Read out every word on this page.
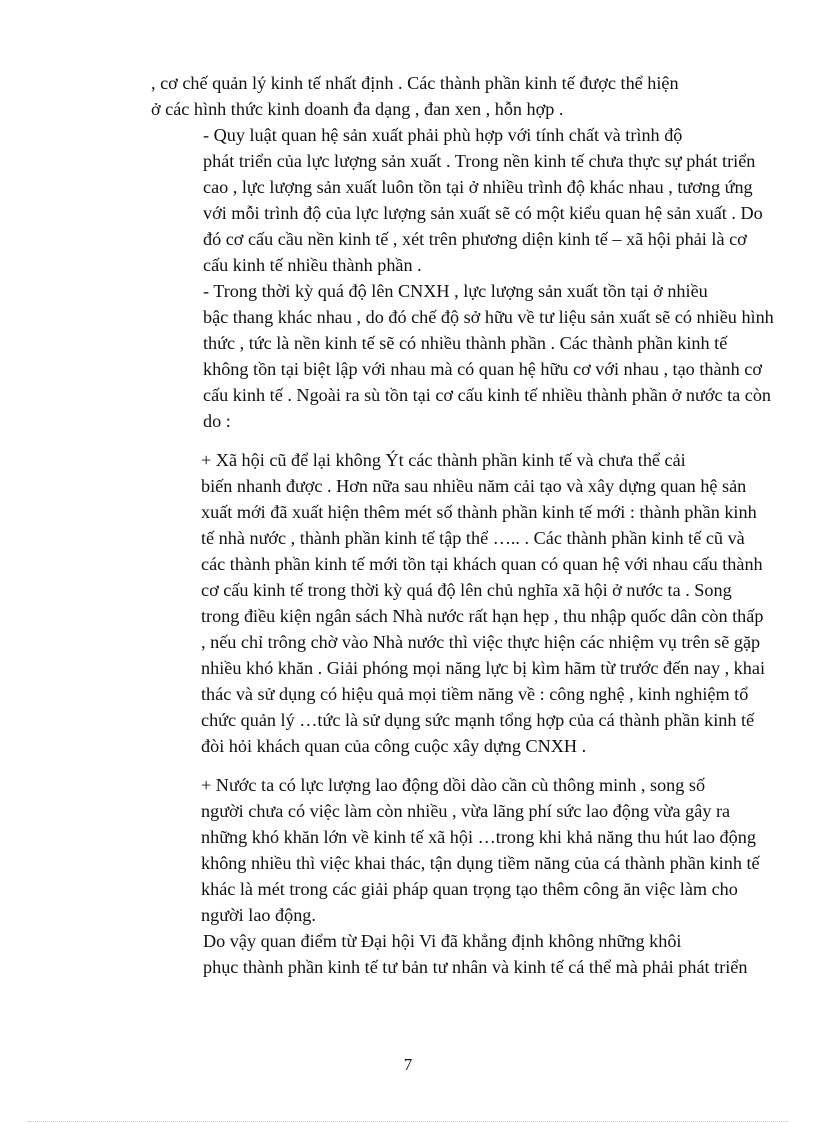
, cơ chế quản lý kinh tế nhất định . Các thành phần kinh tế được thể hiện
ở các hình thức kinh doanh đa dạng , đan xen , hỗn hợp .

- Quy luật quan hệ sản xuất phải phù hợp với tính chất và trình độ
phát triển của lực lượng sản xuất . Trong nền kinh tế chưa thực sự phát triển
cao , lực lượng sản xuất luôn tồn tại ở nhiều trình độ khác nhau , tương ứng
với mỗi trình độ của lực lượng sản xuất sẽ có một kiểu quan hệ sản xuất . Do
đó cơ cấu cầu nền kinh tế , xét trên phương diện kinh tế – xã hội phải là cơ
cấu kinh tế nhiều thành phần .

- Trong thời kỳ quá độ lên CNXH , lực lượng sản xuất tồn tại ở nhiều
bậc thang khác nhau , do đó chế độ sở hữu về tư liệu sản xuất sẽ có nhiều hình
thức , tức là nền kinh tế sẽ có nhiều thành phần . Các thành phần kinh tế
không tồn tại biệt lập với nhau mà có quan hệ hữu cơ với nhau , tạo thành cơ
cấu kinh tế . Ngoài ra sù tồn tại cơ cấu kinh tế nhiều thành phần ở nước ta còn
do :

+ Xã hội cũ để lại không Ýt các thành phần kinh tế và chưa thể cải
biến nhanh được . Hơn nữa sau nhiều năm cải tạo và xây dựng quan hệ sản
xuất mới đã xuất hiện thêm mét số thành phần kinh tế mới : thành phần kinh
tế nhà nước , thành phần kinh tế tập thể ….. . Các thành phần kinh tế cũ và
các thành phần kinh tế mới tồn tại khách quan có quan hệ với nhau cấu thành
cơ cấu kinh tế trong thời kỳ quá độ lên chủ nghĩa xã hội ở nước ta . Song
trong điều kiện ngân sách Nhà nước rất hạn hẹp , thu nhập quốc dân còn thấp
, nếu chỉ trông chờ vào Nhà nước thì việc thực hiện các nhiệm vụ trên sẽ gặp
nhiều khó khăn . Giải phóng mọi năng lực bị kìm hãm từ trước đến nay , khai
thác và sử dụng có hiệu quả mọi tiềm năng về : công nghệ , kinh nghiệm tổ
chức quản lý …tức là sử dụng sức mạnh tổng hợp của cá thành phần kinh tế
đòi hỏi khách quan của công cuộc xây dựng CNXH .

+ Nước ta có lực lượng lao động dồi dào cần cù thông minh , song số
người chưa có việc làm còn nhiều , vừa lãng phí sức lao động vừa gây ra
những khó khăn lớn về kinh tế xã hội …trong khi khả năng thu hút lao động
không nhiều thì việc khai thác, tận dụng tiềm năng của cá thành phần kinh tế
khác là mét trong các giải pháp quan trọng tạo thêm công ăn việc làm cho
người lao động.

Do vậy quan điểm từ Đại hội Vi đã khẳng định không những khôi
phục thành phần kinh tế tư bản tư nhân và kinh tế cá thể mà phải phát triển

7
